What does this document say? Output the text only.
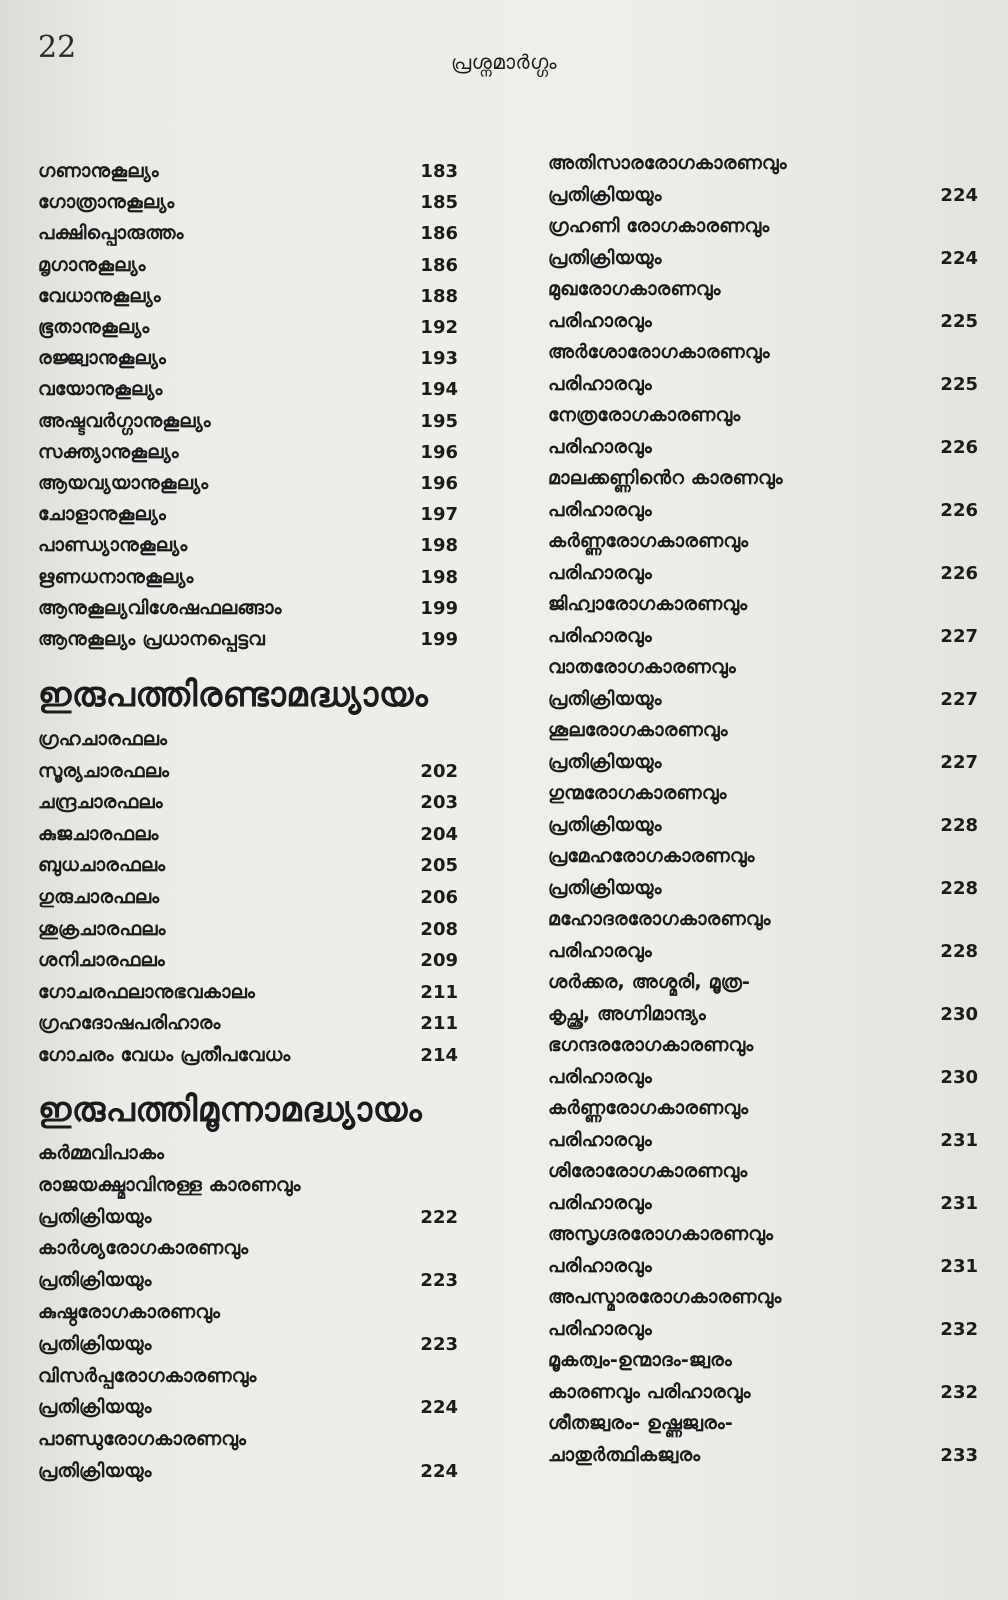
22	പ്രശ്നമാർഗ്ഗം
ഇരുപത്തിരണ്ടാമദ്ധ്യായം
ഇരുപത്തിമൂന്നാമദ്ധ്യായം
ഗണാനുകൂല്യം	183
ഗോത്രാനുകൂല്യം	185
പക്ഷിപ്പൊരുത്തം	186
മൃഗാനുകൂല്യം	186
വേധാനുകൂല്യം	188
ഭൂതാനുകൂല്യം	192
രജ്ജ്വാനുകൂല്യം	193
വയോനുകൂല്യം	194
അഷ്ടവർഗ്ഗാനുകൂല്യം	195
സക്ത്യാനുകൂല്യം	196
ആയവ്യയാനുകൂല്യം	196
ചോളാനുകൂല്യം	197
പാണ്ഡ്യാനുകൂല്യം	198
ഋണധനാനുകൂല്യം	198
ആനുകൂല്യവിശേഷഫലങ്ങാം	199
ആനുകൂല്യം പ്രധാനപ്പെട്ടവ	199
ഗ്രഹചാരഫലം
സൂര്യചാരഫലം	202
ചന്ദ്രചാരഫലം	203
കുജചാരഫലം	204
ബുധചാരഫലം	205
ഗുരുചാരഫലം	206
ശുക്രചാരഫലം	208
ശനിചാരഫലം	209
ഗോചരഫലാനുഭവകാലം	211
ഗ്രഹദോഷപരിഹാരം	211
ഗോചരം വേധം പ്രതീപവേധം	214
കർമ്മവിപാകം
രാജയക്ഷ്മാവിനുള്ള കാരണവും
പ്രതിക്രിയയും	222
കാർശ്യരോഗകാരണവും
പ്രതിക്രിയയും	223
കുഷ്ഠരോഗകാരണവും
പ്രതിക്രിയയും	223
വിസർപ്പരോഗകാരണവും
പ്രതിക്രിയയും	224
പാണ്ഡുരോഗകാരണവും
പ്രതിക്രിയയും	224
അതിസാരരോഗകാരണവും
പ്രതിക്രിയയും	224
ഗ്രഹണി രോഗകാരണവും
പ്രതിക്രിയയും	224
മുഖരോഗകാരണവും
പരിഹാരവും	225
അർശോരോഗകാരണവും
പരിഹാരവും	225
നേത്രരോഗകാരണവും
പരിഹാരവും	226
മാലക്കണ്ണിൻെറ കാരണവും
പരിഹാരവും	226
കർണ്ണരോഗകാരണവും
പരിഹാരവും	226
ജിഹ്വാരോഗകാരണവും
പരിഹാരവും	227
വാതരോഗകാരണവും
പ്രതിക്രിയയും	227
ശൂലരോഗകാരണവും
പ്രതിക്രിയയും	227
ഗുന്മരോഗകാരണവും
പ്രതിക്രിയയും	228
പ്രമേഹരോഗകാരണവും
പ്രതിക്രിയയും	228
മഹോദരരോഗകാരണവും
പരിഹാരവും	228
ശർക്കര, അശ്മരി, മൂത്ര-
കൃച്ഛ്ര, അഗ്നിമാന്ദ്യം	230
ഭഗന്ദരരോഗകാരണവും
പരിഹാരവും	230
കർണ്ണരോഗകാരണവും
പരിഹാരവും	231
ശിരോരോഗകാരണവും
പരിഹാരവും	231
അസൃഗ്ദരരോഗകാരണവും
പരിഹാരവും	231
അപസ്മാരരോഗകാരണവും
പരിഹാരവും	232
മൂകത്വം-ഉന്മാദം-ജ്വരം
കാരണവും പരിഹാരവും	232
ശീതജ്വരം- ഉഷ്ണജ്വരം-
ചാതുർത്ഥികജ്വരം	233
